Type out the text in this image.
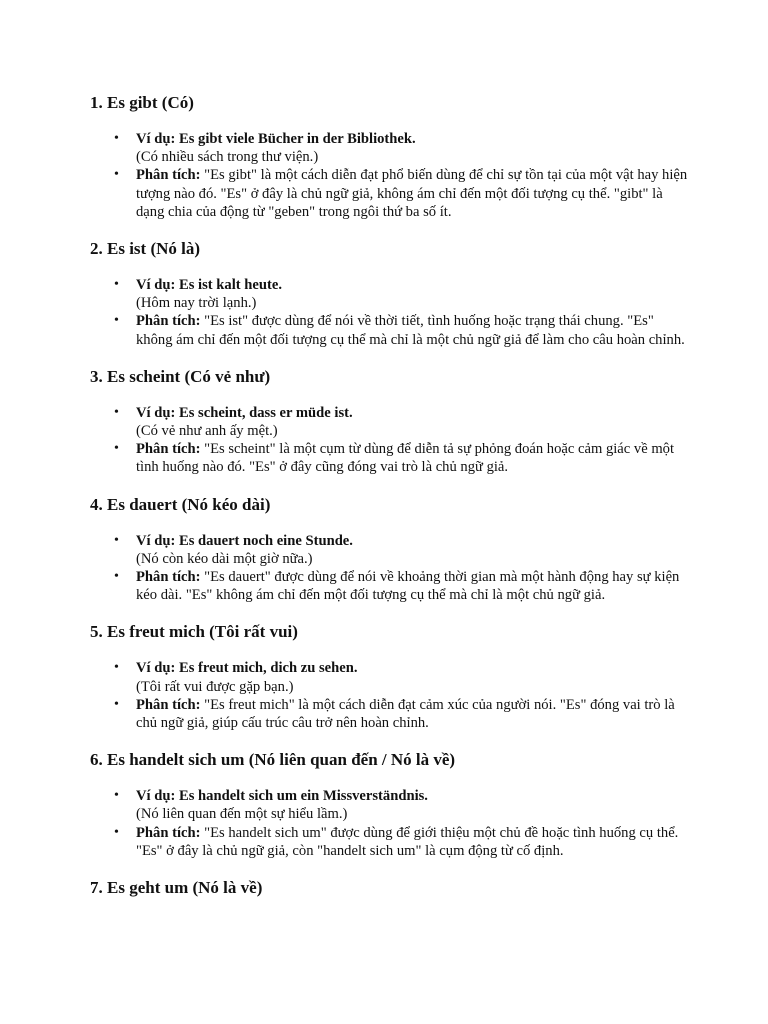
1. Es gibt (Có)
• Ví dụ: Es gibt viele Bücher in der Bibliothek.
(Có nhiều sách trong thư viện.)
• Phân tích: "Es gibt" là một cách diễn đạt phổ biến dùng để chỉ sự tồn tại của một vật hay hiện tượng nào đó. "Es" ở đây là chủ ngữ giả, không ám chỉ đến một đối tượng cụ thể. "gibt" là dạng chia của động từ "geben" trong ngôi thứ ba số ít.
2. Es ist (Nó là)
• Ví dụ: Es ist kalt heute.
(Hôm nay trời lạnh.)
• Phân tích: "Es ist" được dùng để nói về thời tiết, tình huống hoặc trạng thái chung. "Es" không ám chỉ đến một đối tượng cụ thể mà chỉ là một chủ ngữ giả để làm cho câu hoàn chỉnh.
3. Es scheint (Có vẻ như)
• Ví dụ: Es scheint, dass er müde ist.
(Có vẻ như anh ấy mệt.)
• Phân tích: "Es scheint" là một cụm từ dùng để diễn tả sự phỏng đoán hoặc cảm giác về một tình huống nào đó. "Es" ở đây cũng đóng vai trò là chủ ngữ giả.
4. Es dauert (Nó kéo dài)
• Ví dụ: Es dauert noch eine Stunde.
(Nó còn kéo dài một giờ nữa.)
• Phân tích: "Es dauert" được dùng để nói về khoảng thời gian mà một hành động hay sự kiện kéo dài. "Es" không ám chỉ đến một đối tượng cụ thể mà chỉ là một chủ ngữ giả.
5. Es freut mich (Tôi rất vui)
• Ví dụ: Es freut mich, dich zu sehen.
(Tôi rất vui được gặp bạn.)
• Phân tích: "Es freut mich" là một cách diễn đạt cảm xúc của người nói. "Es" đóng vai trò là chủ ngữ giả, giúp cấu trúc câu trở nên hoàn chỉnh.
6. Es handelt sich um (Nó liên quan đến / Nó là về)
• Ví dụ: Es handelt sich um ein Missverständnis.
(Nó liên quan đến một sự hiểu lầm.)
• Phân tích: "Es handelt sich um" được dùng để giới thiệu một chủ đề hoặc tình huống cụ thể. "Es" ở đây là chủ ngữ giả, còn "handelt sich um" là cụm động từ cố định.
7. Es geht um (Nó là về)
